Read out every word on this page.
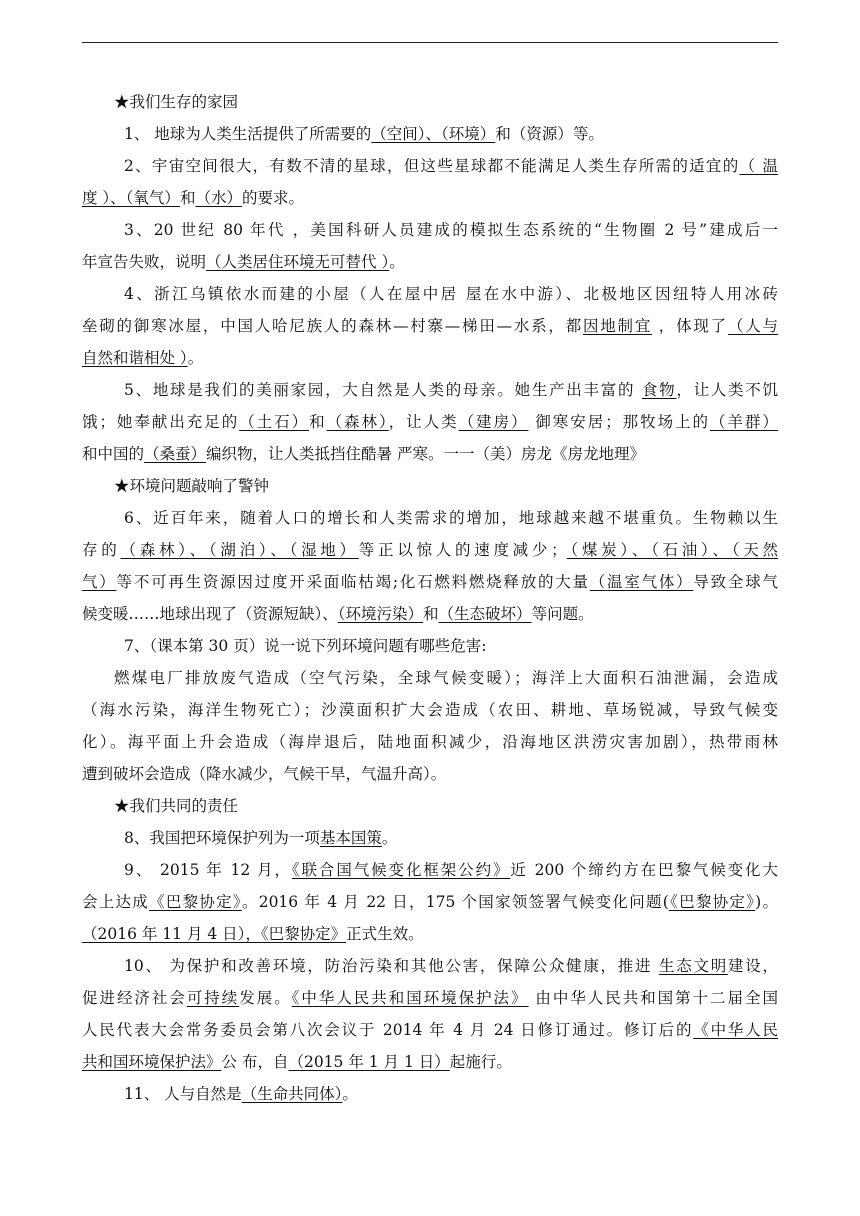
★我们生存的家园
1、 地球为人类生活提供了所需要的（空间）、（环境）和（资源）等。
2、宇宙空间很大，有数不清的星球，但这些星球都不能满足人类生存所需的适宜的（ 温
度 ）、（氧气）和（水）的要求。
3、20 世纪 80 年代 ，美国科研人员建成的模拟生态系统的“生物圈 2 号”建成后一
年宣告失败，说明（人类居住环境无可替代 ）。
4、浙江乌镇依水而建的小屋（人在屋中居 屋在水中游）、北极地区因纽特人用冰砖
垒砌的御寒冰屋，中国人哈尼族人的森林—村寨—梯田—水系，都因地制宜 ，体现了（人与
自然和谐相处 ）。
5、地球是我们的美丽家园，大自然是人类的母亲。她生产出丰富的 食物，让人类不饥
饿；她奉献出充足的（土石）和（森林），让人类（建房） 御寒安居；那牧场上的（羊群）
和中国的（桑蚕）编织物，让人类抵挡住酷暑 严寒。一一（美）房龙《房龙地理》
★环境问题敲响了警钟
6、近百年来，随着人口的增长和人类需求的增加，地球越来越不堪重负。生物赖以生
存的（森林）、（湖泊）、（湿地）等正以惊人的速度减少；（煤炭）、（石油）、（天然
气）等不可再生资源因过度开采面临枯竭;化石燃料燃烧释放的大量（温室气体）导致全球气
候变暖……地球出现了（资源短缺）、（环境污染）和（生态破坏）等问题。
7、（课本第 30 页）说一说下列环境问题有哪些危害:
燃煤电厂排放废气造成（空气污染，全球气候变暖）；海洋上大面积石油泄漏，会造成
（海水污染，海洋生物死亡）；沙漠面积扩大会造成（农田、耕地、草场锐减，导致气候变
化）。海平面上升会造成（海岸退后，陆地面积减少，沿海地区洪涝灾害加剧），热带雨林
遭到破坏会造成（降水减少，气候干旱，气温升高）。
★我们共同的责任
8、我国把环境保护列为一项基本国策。
9、 2015 年 12 月，《联合国气候变化框架公约》近 200 个缔约方在巴黎气候变化大
会上达成《巴黎协定》。2016 年 4 月 22 日，175 个国家领签署气候变化问题(《巴黎协定》)。
（2016 年 11 月 4 日），《巴黎协定》正式生效。
10、 为保护和改善环境，防治污染和其他公害，保障公众健康，推进 生态文明建设，
促进经济社会可持续发展。《中华人民共和国环境保护法》 由中华人民共和国第十二届全国
人民代表大会常务委员会第八次会议于 2014 年 4 月 24 日修订通过。修订后的《中华人民
共和国环境保护法》公 布，自（2015 年 1 月 1 日）起施行。
11、 人与自然是（生命共同体）。
